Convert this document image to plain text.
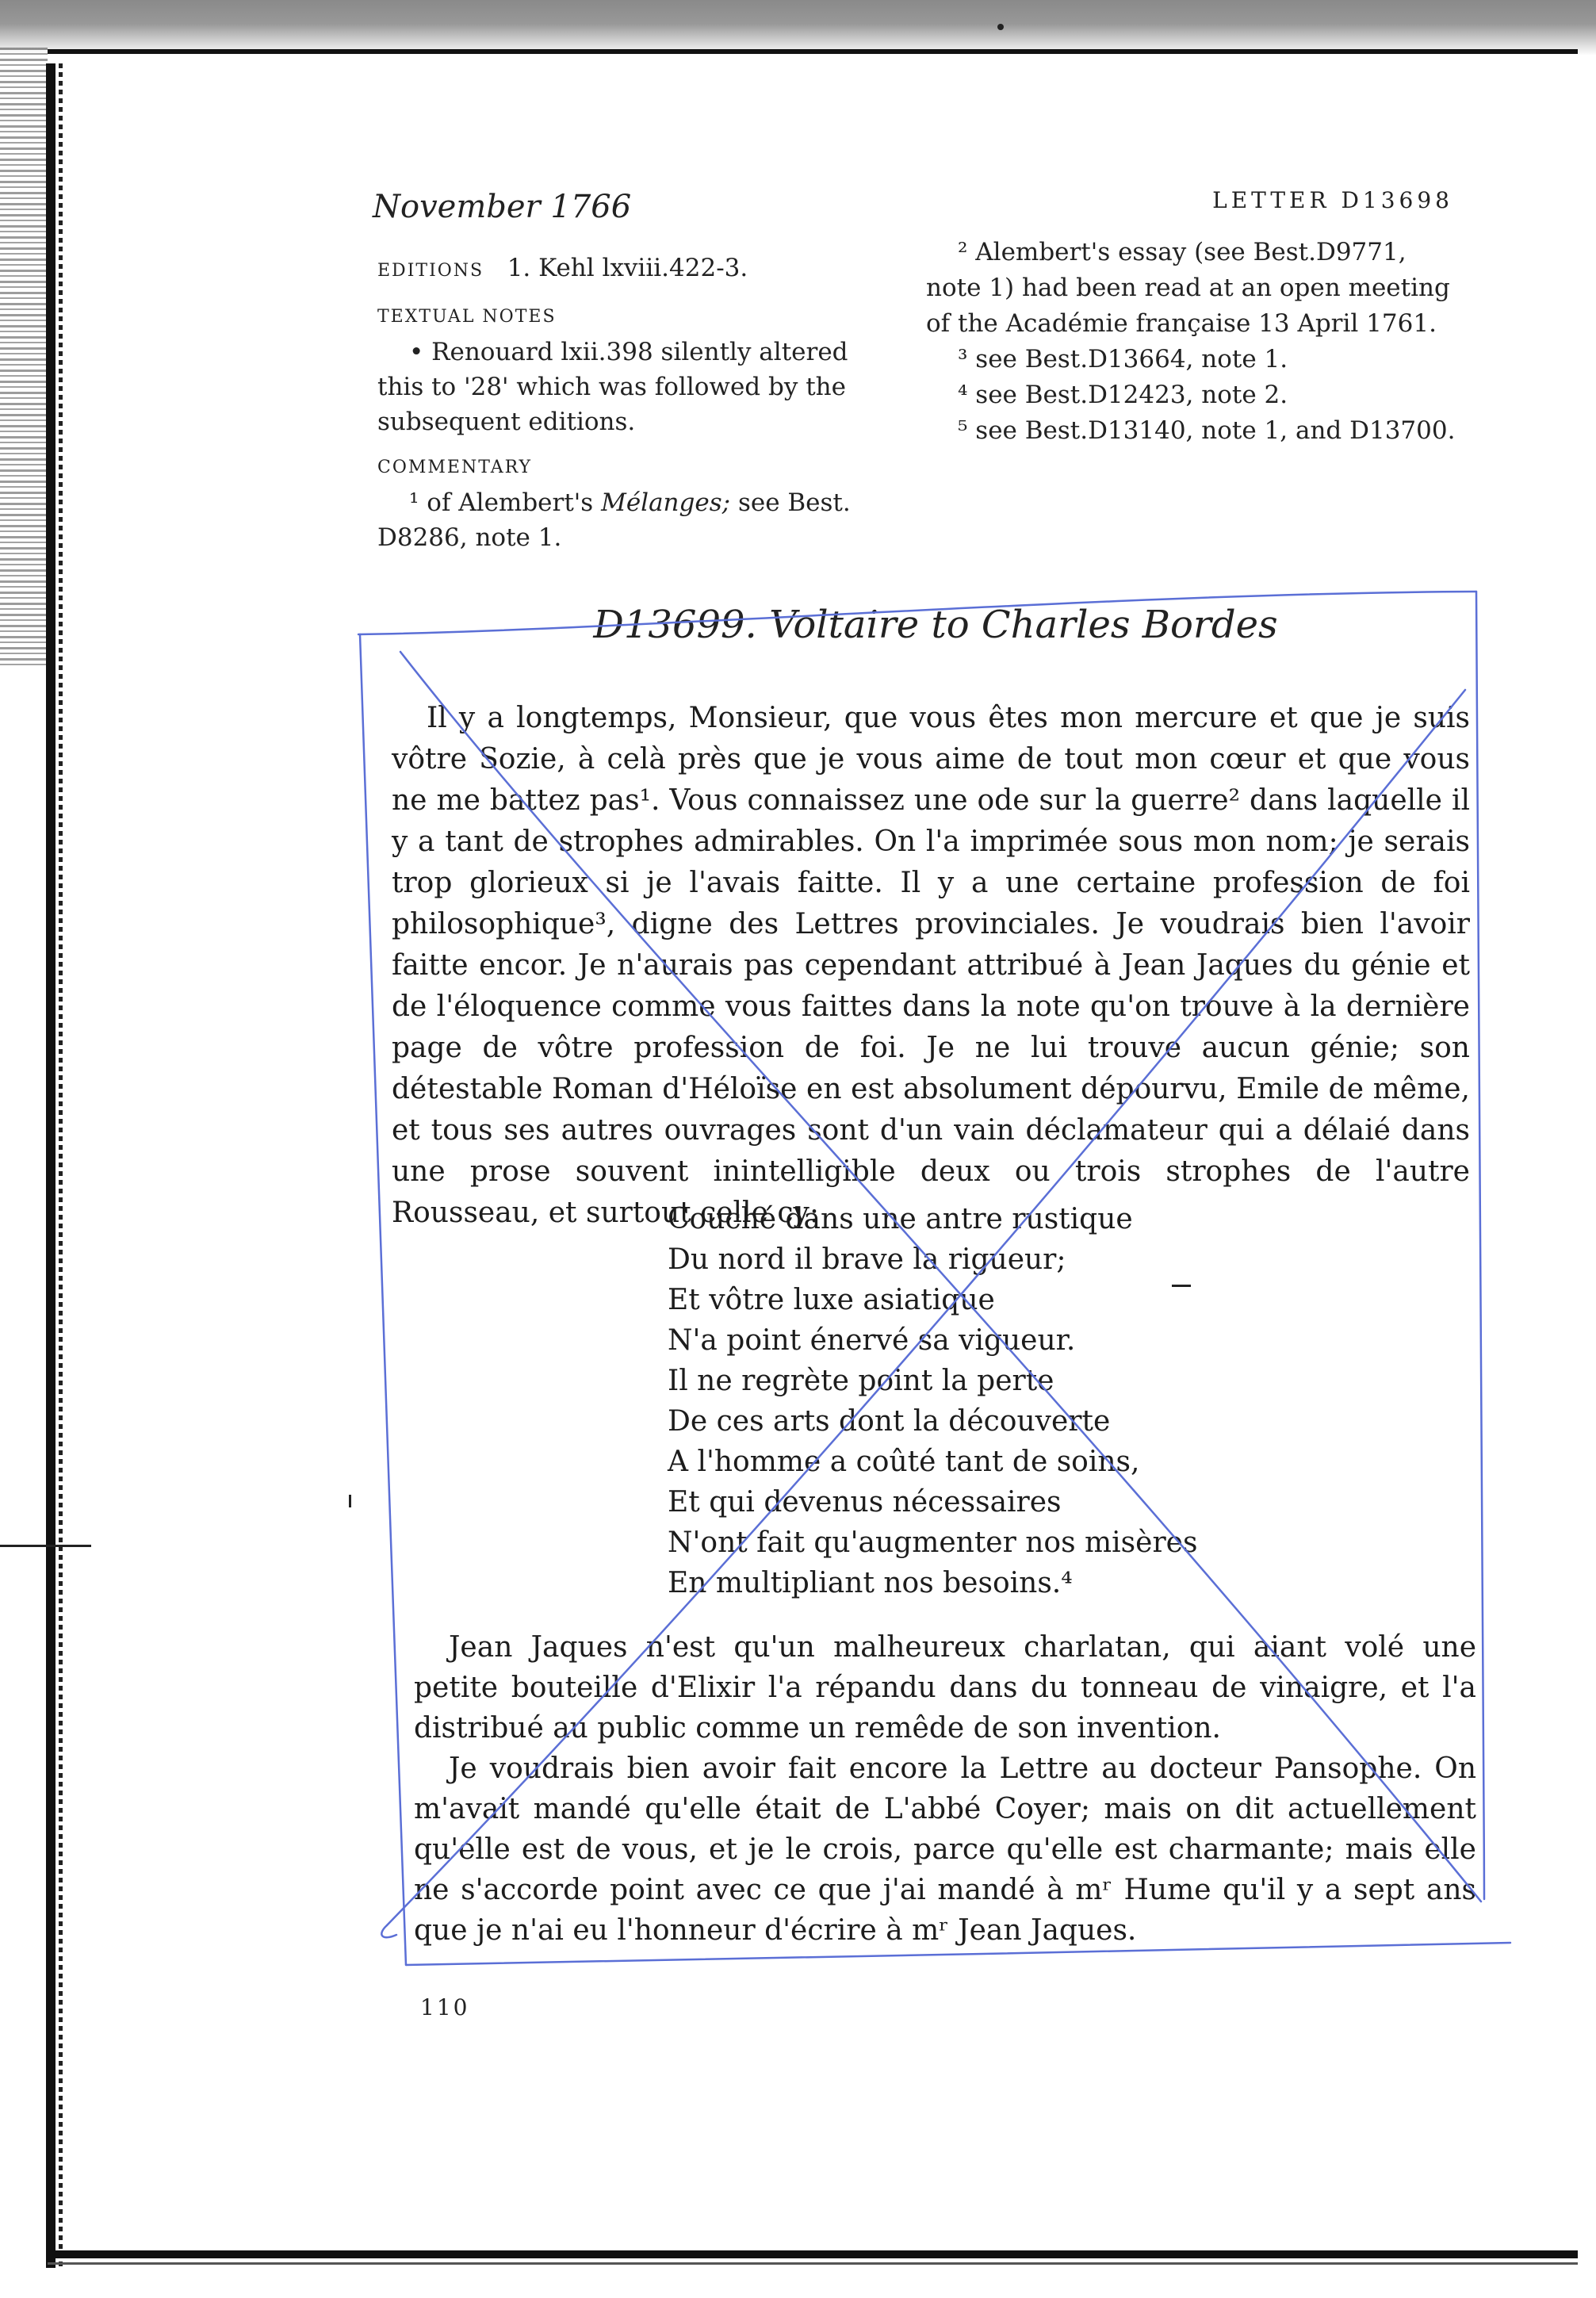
November 1766	LETTER D13698

EDITIONS 1. Kehl lxviii.422-3.

TEXTUAL NOTES

• Renouard lxii.398 silently altered this to '28' which was followed by the subsequent editions.

COMMENTARY

¹ of Alembert's Mélanges; see Best. D8286, note 1.

² Alembert's essay (see Best.D9771, note 1) had been read at an open meeting of the Académie française 13 April 1761.

³ see Best.D13664, note 1.

⁴ see Best.D12423, note 2.

⁵ see Best.D13140, note 1, and D13700.

D13699. Voltaire to Charles Bordes

Il y a longtemps, Monsieur, que vous êtes mon mercure et que je suis vôtre Sozie, à celà près que je vous aime de tout mon cœur et que vous ne me battez pas¹. Vous connaissez une ode sur la guerre² dans laquelle il y a tant de strophes admirables. On l'a imprimée sous mon nom; je serais trop glorieux si je l'avais faitte. Il y a une certaine profession de foi philosophique³, digne des Lettres provinciales. Je voudrais bien l'avoir faitte encor. Je n'aurais pas cependant attribué à Jean Jaques du génie et de l'éloquence comme vous faittes dans la note qu'on trouve à la dernière page de vôtre profession de foi. Je ne lui trouve aucun génie; son détestable Roman d'Héloïse en est absolument dépourvu, Emile de même, et tous ses autres ouvrages sont d'un vain déclamateur qui a délaié dans une prose souvent inintelligible deux ou trois strophes de l'autre Rousseau, et surtout celle cy:

Couché dans une antre rustique
Du nord il brave la rigueur;
Et vôtre luxe asiatique
N'a point énervé sa vigueur.
Il ne regrète point la perte
De ces arts dont la découverte
A l'homme a coûté tant de soins,
Et qui devenus nécessaires
N'ont fait qu'augmenter nos misères
En multipliant nos besoins.⁴

Jean Jaques n'est qu'un malheureux charlatan, qui aiant volé une petite bouteille d'Elixir l'a répandu dans du tonneau de vinaigre, et l'a distribué au public comme un remêde de son invention.

Je voudrais bien avoir fait encore la Lettre au docteur Pansophe. On m'avait mandé qu'elle était de L'abbé Coyer; mais on dit actuellement qu'elle est de vous, et je le crois, parce qu'elle est charmante; mais elle ne s'accorde point avec ce que j'ai mandé à mʳ Hume qu'il y a sept ans que je n'ai eu l'honneur d'écrire à mʳ Jean Jaques.

110
